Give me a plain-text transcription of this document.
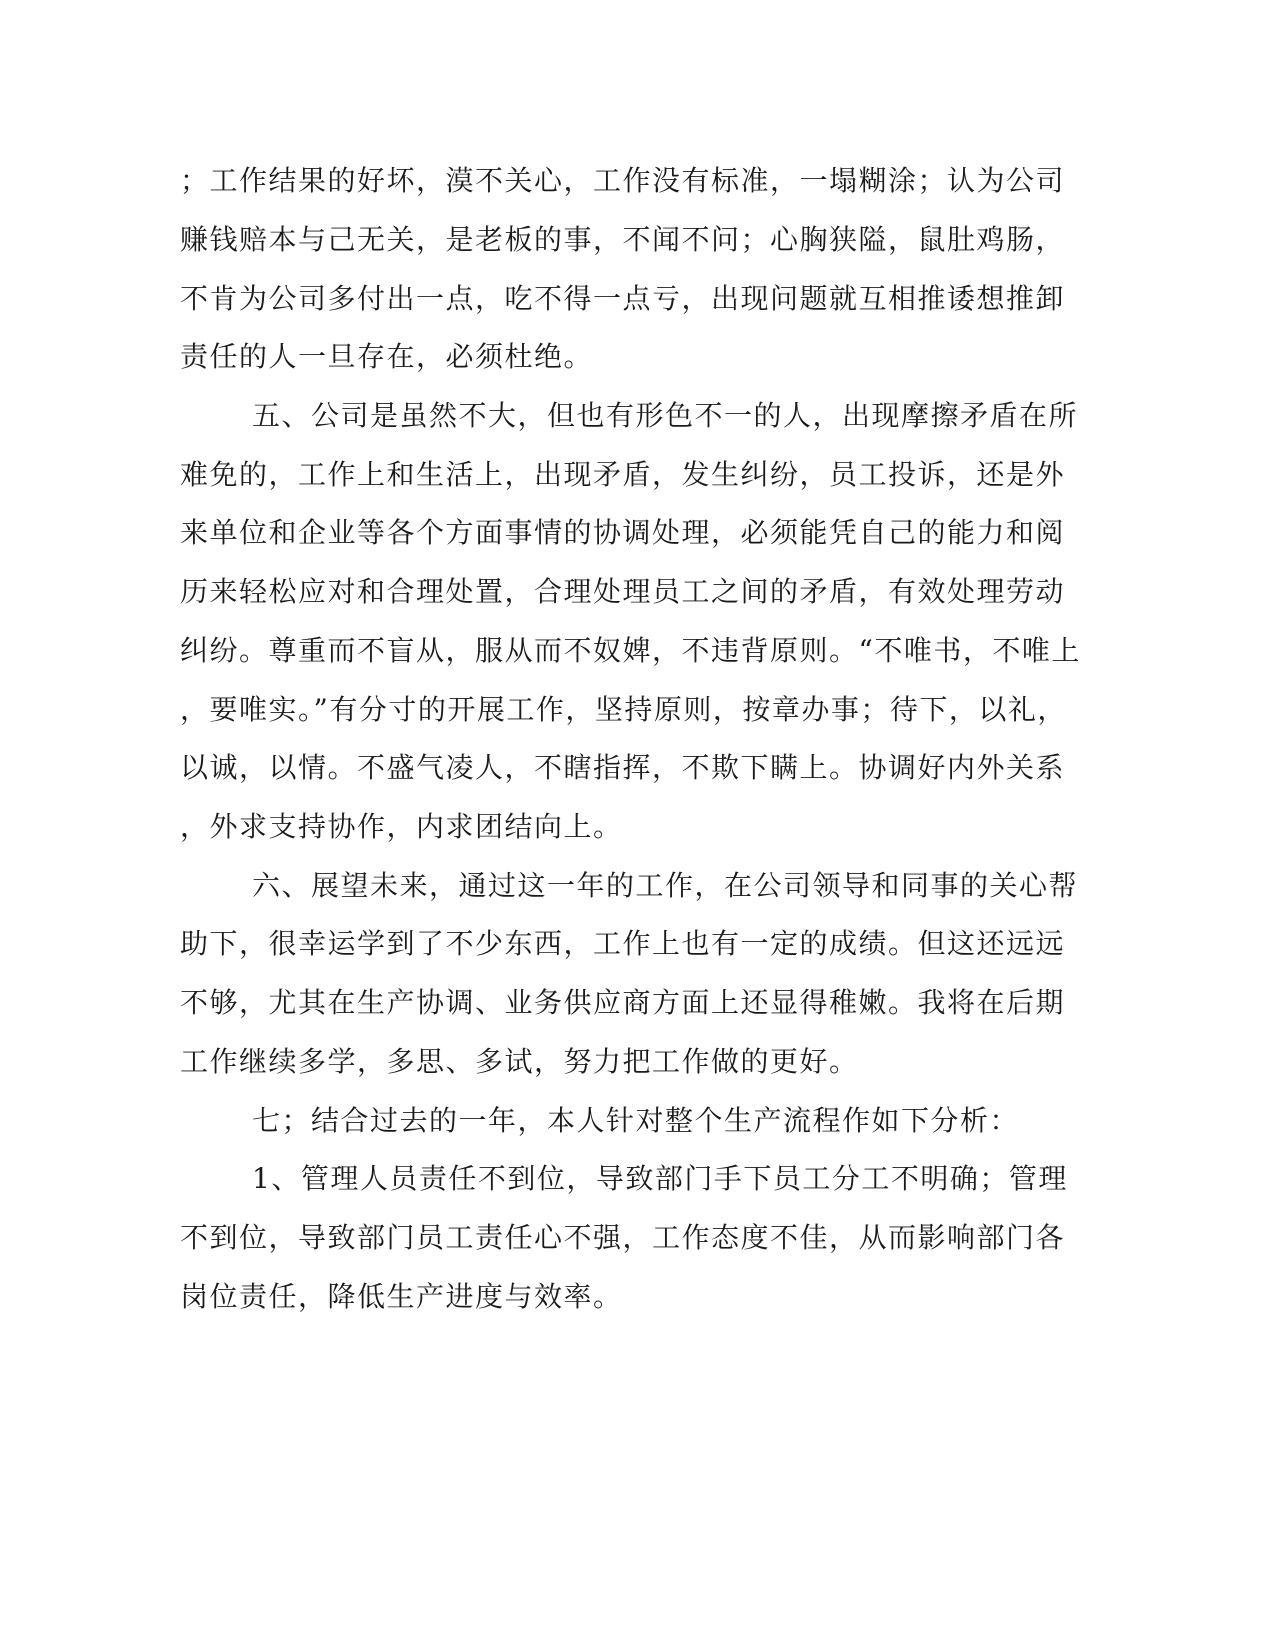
；工作结果的好坏，漠不关心，工作没有标准，一塌糊涂；认为公司
赚钱赔本与己无关，是老板的事，不闻不问；心胸狭隘，鼠肚鸡肠，
不肯为公司多付出一点，吃不得一点亏，出现问题就互相推诿想推卸
责任的人一旦存在，必须杜绝。
五、公司是虽然不大，但也有形色不一的人，出现摩擦矛盾在所
难免的，工作上和生活上，出现矛盾，发生纠纷，员工投诉，还是外
来单位和企业等各个方面事情的协调处理，必须能凭自己的能力和阅
历来轻松应对和合理处置，合理处理员工之间的矛盾，有效处理劳动
纠纷。尊重而不盲从，服从而不奴婢，不违背原则。“不唯书，不唯上
，要唯实。”有分寸的开展工作，坚持原则，按章办事；待下，以礼，
以诚，以情。不盛气凌人，不瞎指挥，不欺下瞒上。协调好内外关系
，外求支持协作，内求团结向上。
六、展望未来，通过这一年的工作，在公司领导和同事的关心帮
助下，很幸运学到了不少东西，工作上也有一定的成绩。但这还远远
不够，尤其在生产协调、业务供应商方面上还显得稚嫩。我将在后期
工作继续多学，多思、多试，努力把工作做的更好。
七；结合过去的一年，本人针对整个生产流程作如下分析：
1、管理人员责任不到位，导致部门手下员工分工不明确；管理
不到位，导致部门员工责任心不强，工作态度不佳，从而影响部门各
岗位责任，降低生产进度与效率。
